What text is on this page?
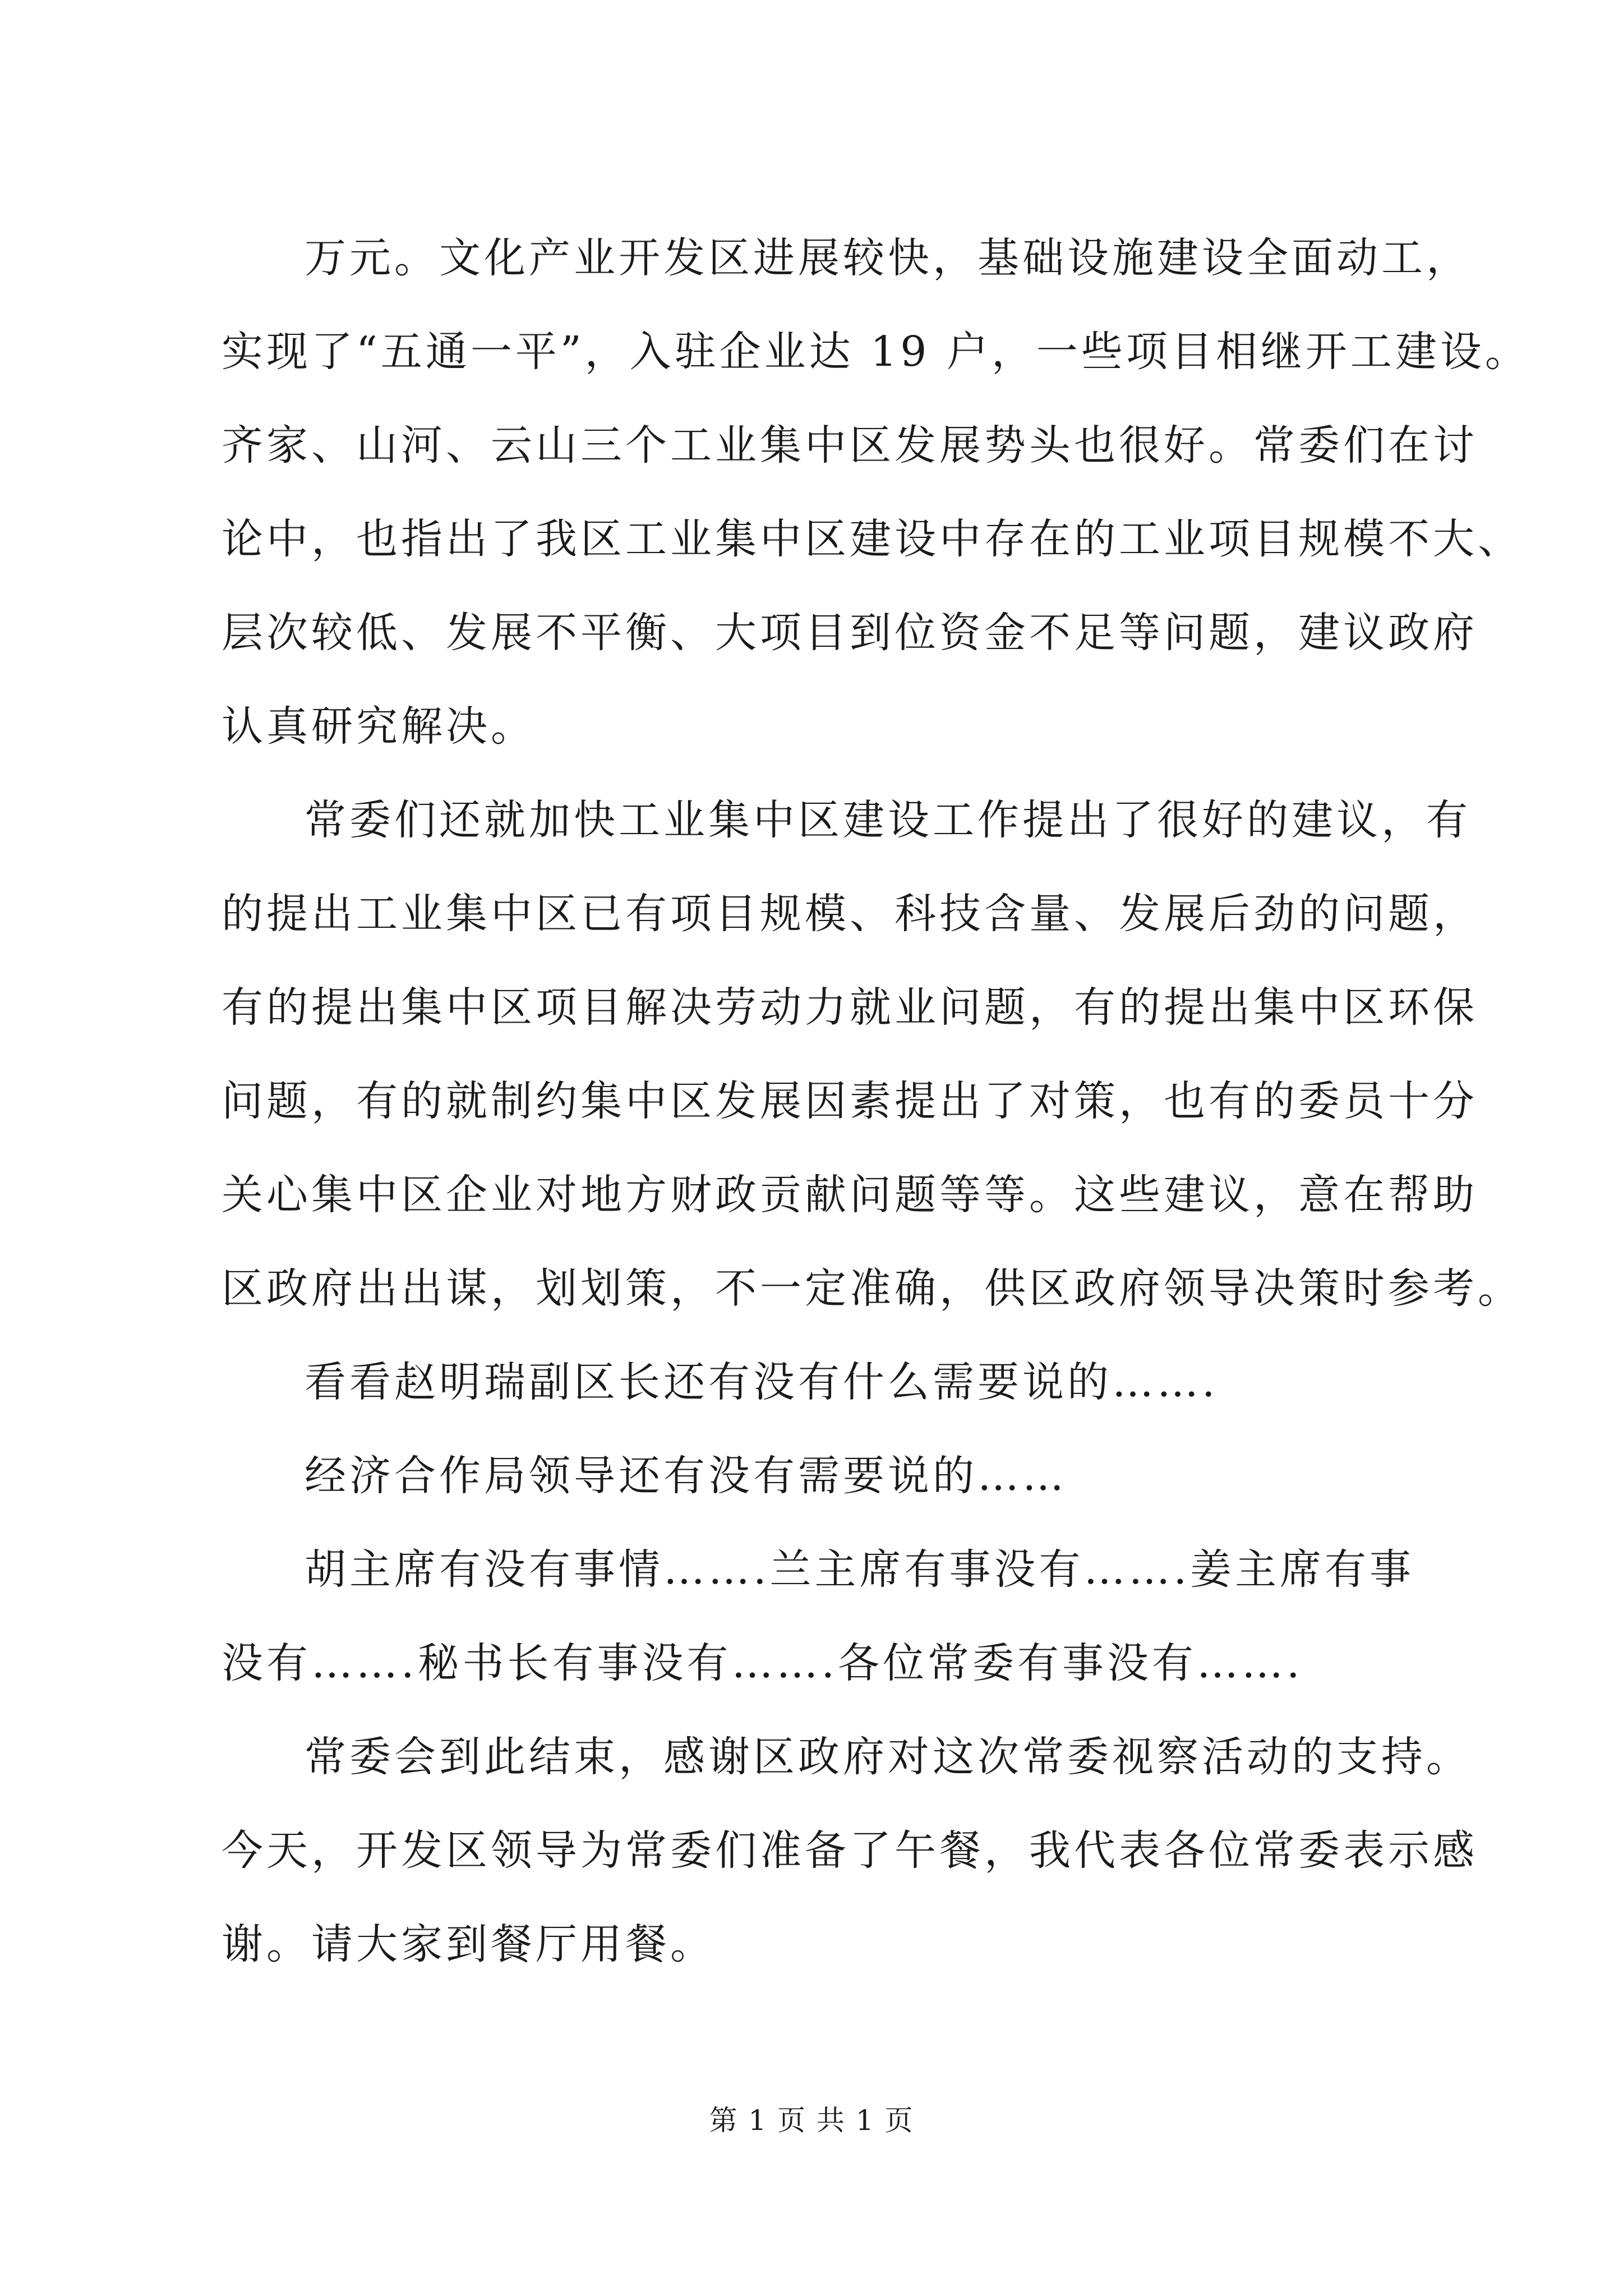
万元。文化产业开发区进展较快，基础设施建设全面动工，
实现了“五通一平”，入驻企业达 19 户，一些项目相继开工建设。
齐家、山河、云山三个工业集中区发展势头也很好。常委们在讨
论中，也指出了我区工业集中区建设中存在的工业项目规模不大、
层次较低、发展不平衡、大项目到位资金不足等问题，建议政府
认真研究解决。

常委们还就加快工业集中区建设工作提出了很好的建议，有
的提出工业集中区已有项目规模、科技含量、发展后劲的问题，
有的提出集中区项目解决劳动力就业问题，有的提出集中区环保
问题，有的就制约集中区发展因素提出了对策，也有的委员十分
关心集中区企业对地方财政贡献问题等等。这些建议，意在帮助
区政府出出谋，划划策，不一定准确，供区政府领导决策时参考。

看看赵明瑞副区长还有没有什么需要说的…….

经济合作局领导还有没有需要说的……

胡主席有没有事情…….兰主席有事没有…….姜主席有事
没有…….秘书长有事没有…….各位常委有事没有…….

常委会到此结束，感谢区政府对这次常委视察活动的支持。
今天，开发区领导为常委们准备了午餐，我代表各位常委表示感
谢。请大家到餐厅用餐。

第 1 页 共 1 页
